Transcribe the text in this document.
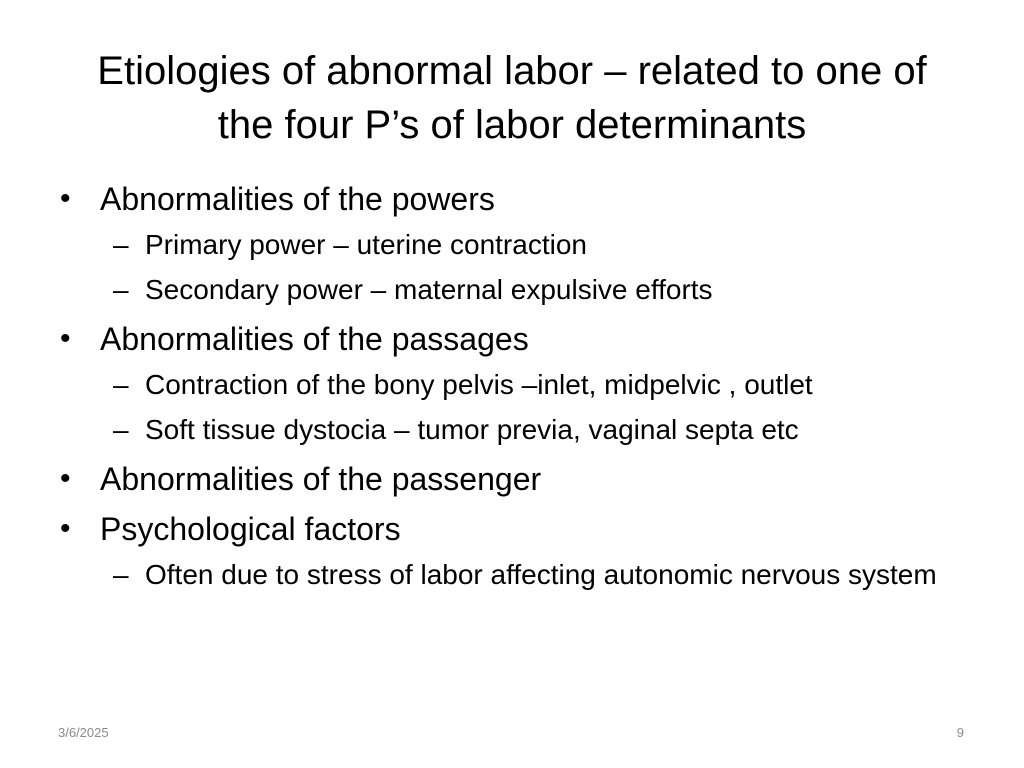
Etiologies of abnormal labor – related to one of
the four P’s of labor determinants
• Abnormalities of the powers
– Primary power – uterine contraction
– Secondary power – maternal expulsive efforts
• Abnormalities of the passages
– Contraction of the bony pelvis –inlet, midpelvic , outlet
– Soft tissue dystocia – tumor previa, vaginal septa etc
• Abnormalities of the passenger
• Psychological factors
– Often due to stress of labor affecting autonomic nervous system
3/6/2025	9
